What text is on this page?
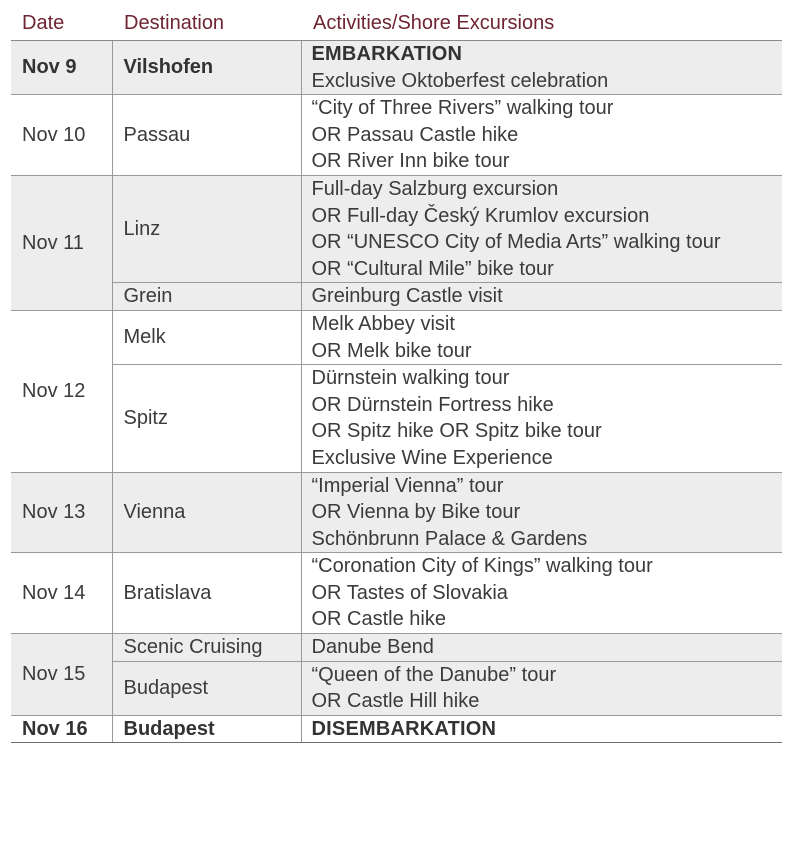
Date	Destination	Activities/Shore Excursions
Nov 9	Vilshofen	EMBARKATION
Exclusive Oktoberfest celebration

Nov 10	Passau	“City of Three Rivers” walking tour
OR Passau Castle hike
OR River Inn bike tour

Nov 11	Linz	Full-day Salzburg excursion
OR Full-day Český Krumlov excursion
OR “UNESCO City of Media Arts” walking tour
OR “Cultural Mile” bike tour

	Grein	Greinburg Castle visit

Nov 12	Melk	Melk Abbey visit
OR Melk bike tour

	Spitz	Dürnstein walking tour
OR Dürnstein Fortress hike
OR Spitz hike OR Spitz bike tour
Exclusive Wine Experience

Nov 13	Vienna	“Imperial Vienna” tour
OR Vienna by Bike tour
Schönbrunn Palace & Gardens

Nov 14	Bratislava	“Coronation City of Kings” walking tour
OR Tastes of Slovakia
OR Castle hike

Nov 15	Scenic Cruising	Danube Bend

	Budapest	“Queen of the Danube” tour
OR Castle Hill hike

Nov 16	Budapest	DISEMBARKATION
